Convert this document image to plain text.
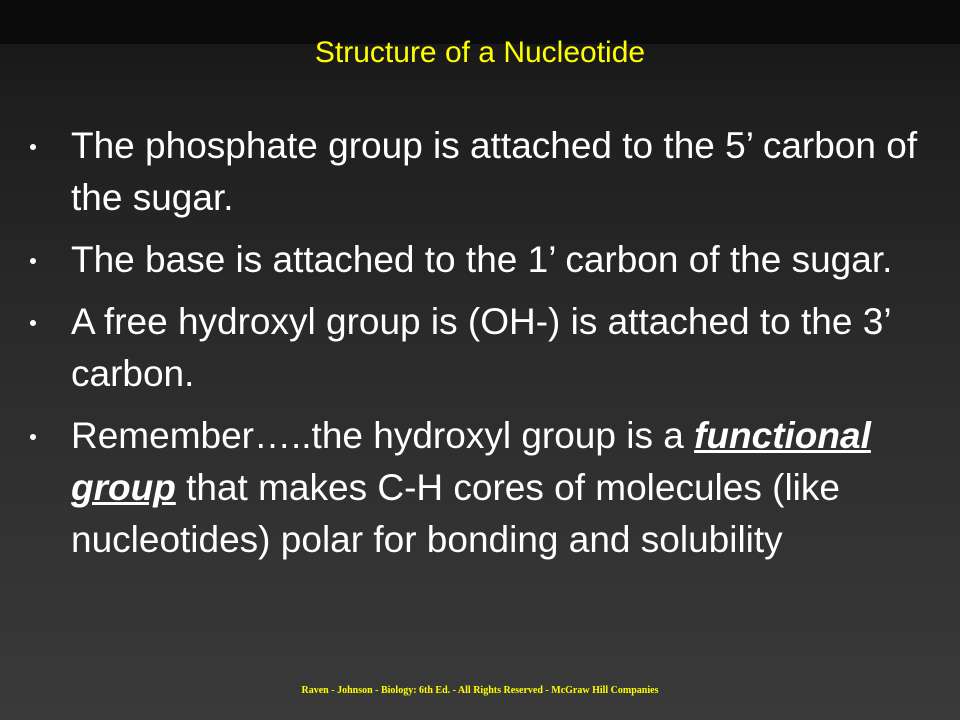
Structure of a Nucleotide
The phosphate group is attached to the 5’ carbon of the sugar.
The base is attached to the 1’ carbon of the sugar.
A free hydroxyl group is (OH-) is attached to the 3’ carbon.
Remember…..the hydroxyl group is a functional group that makes C-H cores of molecules (like nucleotides) polar for bonding and solubility
Raven - Johnson - Biology: 6th Ed. - All Rights Reserved - McGraw Hill Companies
